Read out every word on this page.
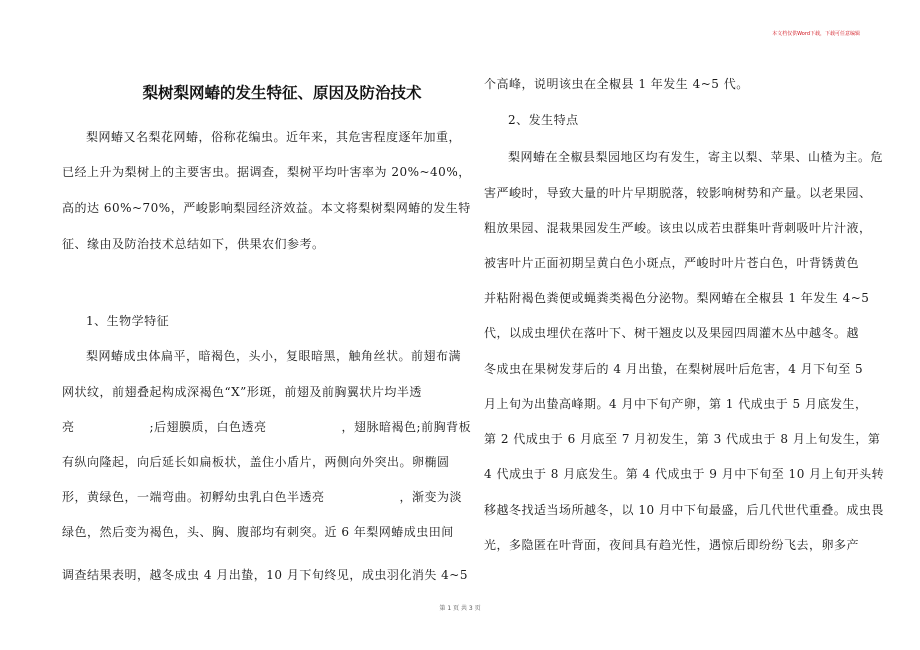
本文档仅供Word下载，下载可任意编辑
梨树梨网蝽的发生特征、原因及防治技术
梨网蝽又名梨花网蝽，俗称花编虫。近年来，其危害程度逐年加重，
已经上升为梨树上的主要害虫。据调查，梨树平均叶害率为 20%~40%，
高的达 60%~70%，严峻影响梨园经济效益。本文将梨树梨网蝽的发生特
征、缘由及防治技术总结如下，供果农们参考。
1、生物学特征
梨网蝽成虫体扁平，暗褐色，头小，复眼暗黑，触角丝状。前翅布满
网状纹，前翅叠起构成深褐色“X”形斑，前翅及前胸翼状片均半透
亮　　　　　　;后翅膜质，白色透亮　　　　　　，翅脉暗褐色;前胸背板
有纵向隆起，向后延长如扁板状，盖住小盾片，两侧向外突出。卵椭圆
形，黄绿色，一端弯曲。初孵幼虫乳白色半透亮　　　　　　，渐变为淡
绿色，然后变为褐色，头、胸、腹部均有刺突。近 6 年梨网蝽成虫田间
调查结果表明，越冬成虫 4 月出蛰，10 月下旬终见，成虫羽化消失 4~5
个高峰，说明该虫在全椒县 1 年发生 4~5 代。
2、发生特点
梨网蝽在全椒县梨园地区均有发生，寄主以梨、苹果、山楂为主。危
害严峻时，导致大量的叶片早期脱落，较影响树势和产量。以老果园、
粗放果园、混栽果园发生严峻。该虫以成若虫群集叶背刺吸叶片汁液，
被害叶片正面初期呈黄白色小斑点，严峻时叶片苍白色，叶背锈黄色
并粘附褐色粪便或蝇粪类褐色分泌物。梨网蝽在全椒县 1 年发生 4~5
代，以成虫埋伏在落叶下、树干翘皮以及果园四周灌木丛中越冬。越
冬成虫在果树发芽后的 4 月出蛰，在梨树展叶后危害，4 月下旬至 5
月上旬为出蛰高峰期。4 月中下旬产卵，第 1 代成虫于 5 月底发生，
第 2 代成虫于 6 月底至 7 月初发生，第 3 代成虫于 8 月上旬发生，第
4 代成虫于 8 月底发生。第 4 代成虫于 9 月中下旬至 10 月上旬开头转
移越冬找适当场所越冬，以 10 月中下旬最盛，后几代世代重叠。成虫畏
光，多隐匿在叶背面，夜间具有趋光性，遇惊后即纷纷飞去，卵多产
第 1 页 共 3 页
